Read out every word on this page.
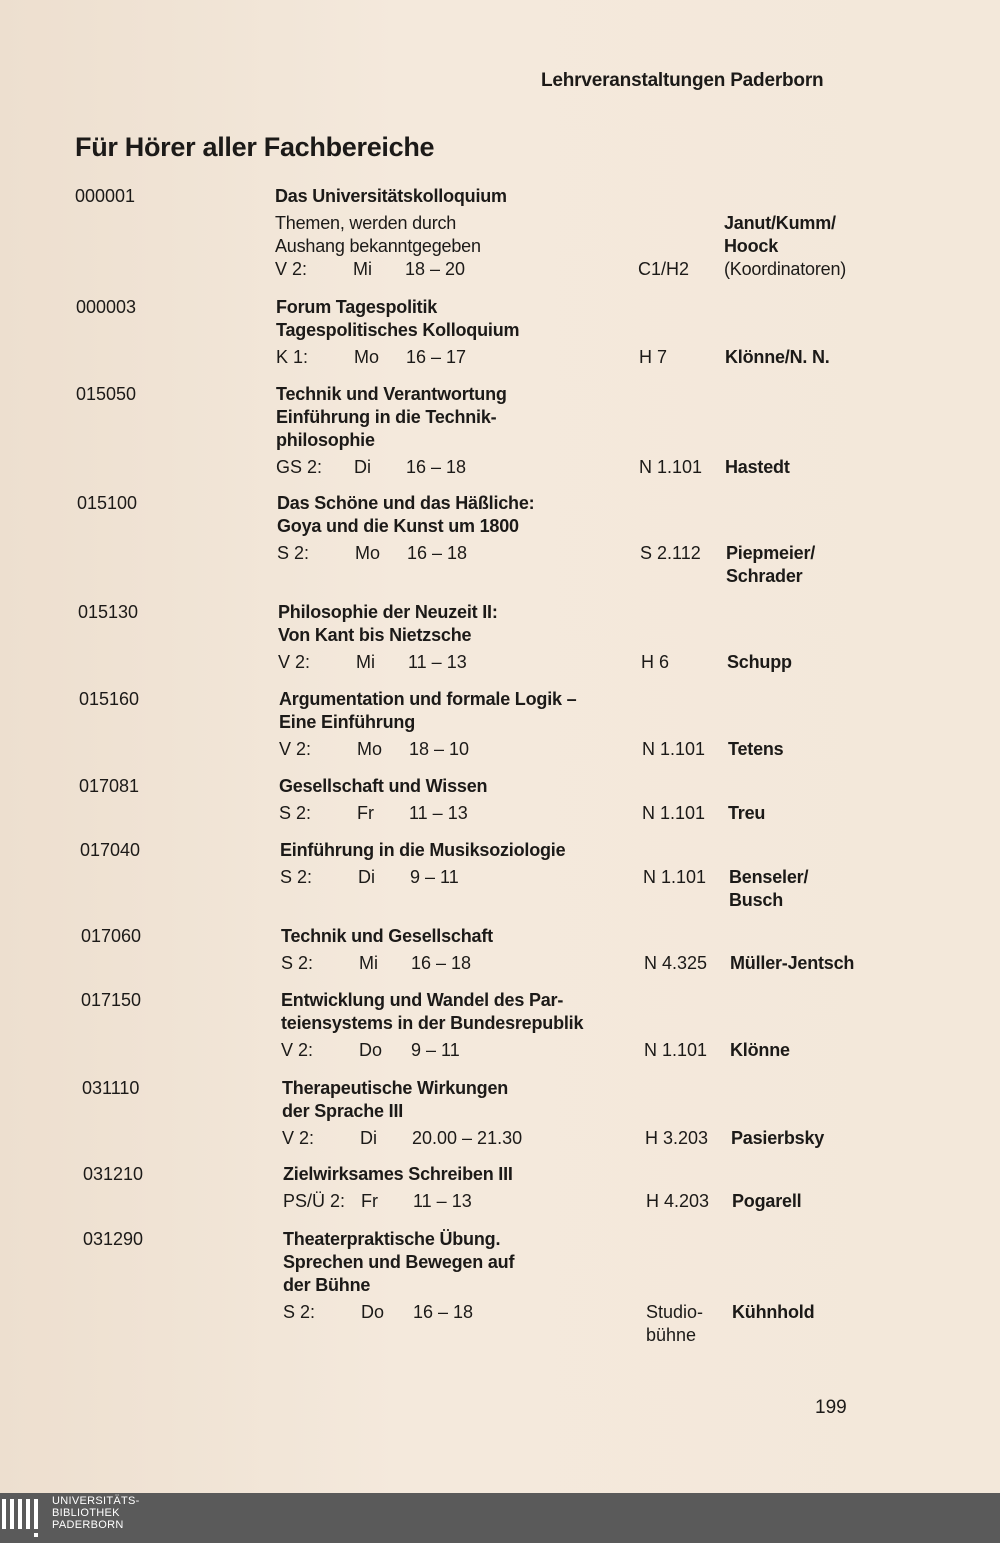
Lehrveranstaltungen Paderborn
Für Hörer aller Fachbereiche
000001	Das Universitätskolloquium
Themen, werden durch
Aushang bekanntgegeben
V 2:	Mi 18 – 20	C1/H2
Janut/Kumm/
Hoock
(Koordinatoren)
000003	Forum Tagespolitik
Tagespolitisches Kolloquium
K 1:	Mo 16 – 17	H 7	Klönne/N. N.
015050	Technik und Verantwortung
Einführung in die Technik-
philosophie
GS 2: Di 16 – 18	N 1.101 Hastedt
015100	Das Schöne und das Häßliche:
Goya und die Kunst um 1800
S 2:	Mo 16 – 18	S 2.112 Piepmeier/
Schrader
015130	Philosophie der Neuzeit II:
Von Kant bis Nietzsche
V 2:	Mi 11 – 13	H 6	Schupp
015160	Argumentation und formale Logik –
Eine Einführung
V 2:	Mo 18 – 10	N 1.101 Tetens
017081	Gesellschaft und Wissen
S 2:	Fr 11 – 13	N 1.101 Treu
017040	Einführung in die Musiksoziologie
S 2:	Di 9 – 11	N 1.101 Benseler/
Busch
017060	Technik und Gesellschaft
S 2:	Mi 16 – 18	N 4.325 Müller-Jentsch
017150	Entwicklung und Wandel des Par-
teiensystems in der Bundesrepublik
V 2:	Do 9 – 11	N 1.101 Klönne
031110	Therapeutische Wirkungen
der Sprache III
V 2:	Di 20.00 – 21.30	H 3.203 Pasierbsky
031210	Zielwirksames Schreiben III
PS/Ü 2: Fr 11 – 13	H 4.203 Pogarell
031290	Theaterpraktische Übung.
Sprechen und Bewegen auf
der Bühne
S 2:	Do 16 – 18	Studio-
bühne
Kühnhold
199
UNIVERSITÄTS-
BIBLIOTHEK
PADERBORN
